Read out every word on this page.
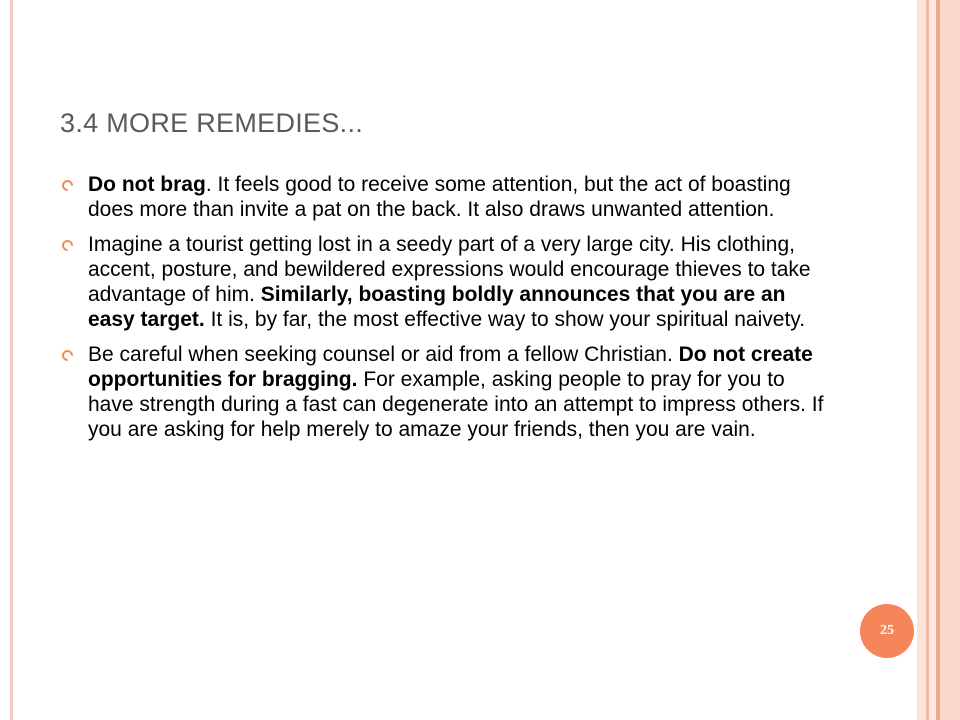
3.4 MORE REMEDIES...
Do not brag. It feels good to receive some attention, but the act of boasting does more than invite a pat on the back. It also draws unwanted attention.
Imagine a tourist getting lost in a seedy part of a very large city. His clothing, accent, posture, and bewildered expressions would encourage thieves to take advantage of him. Similarly, boasting boldly announces that you are an easy target. It is, by far, the most effective way to show your spiritual naivety.
Be careful when seeking counsel or aid from a fellow Christian. Do not create opportunities for bragging. For example, asking people to pray for you to have strength during a fast can degenerate into an attempt to impress others. If you are asking for help merely to amaze your friends, then you are vain.
25
